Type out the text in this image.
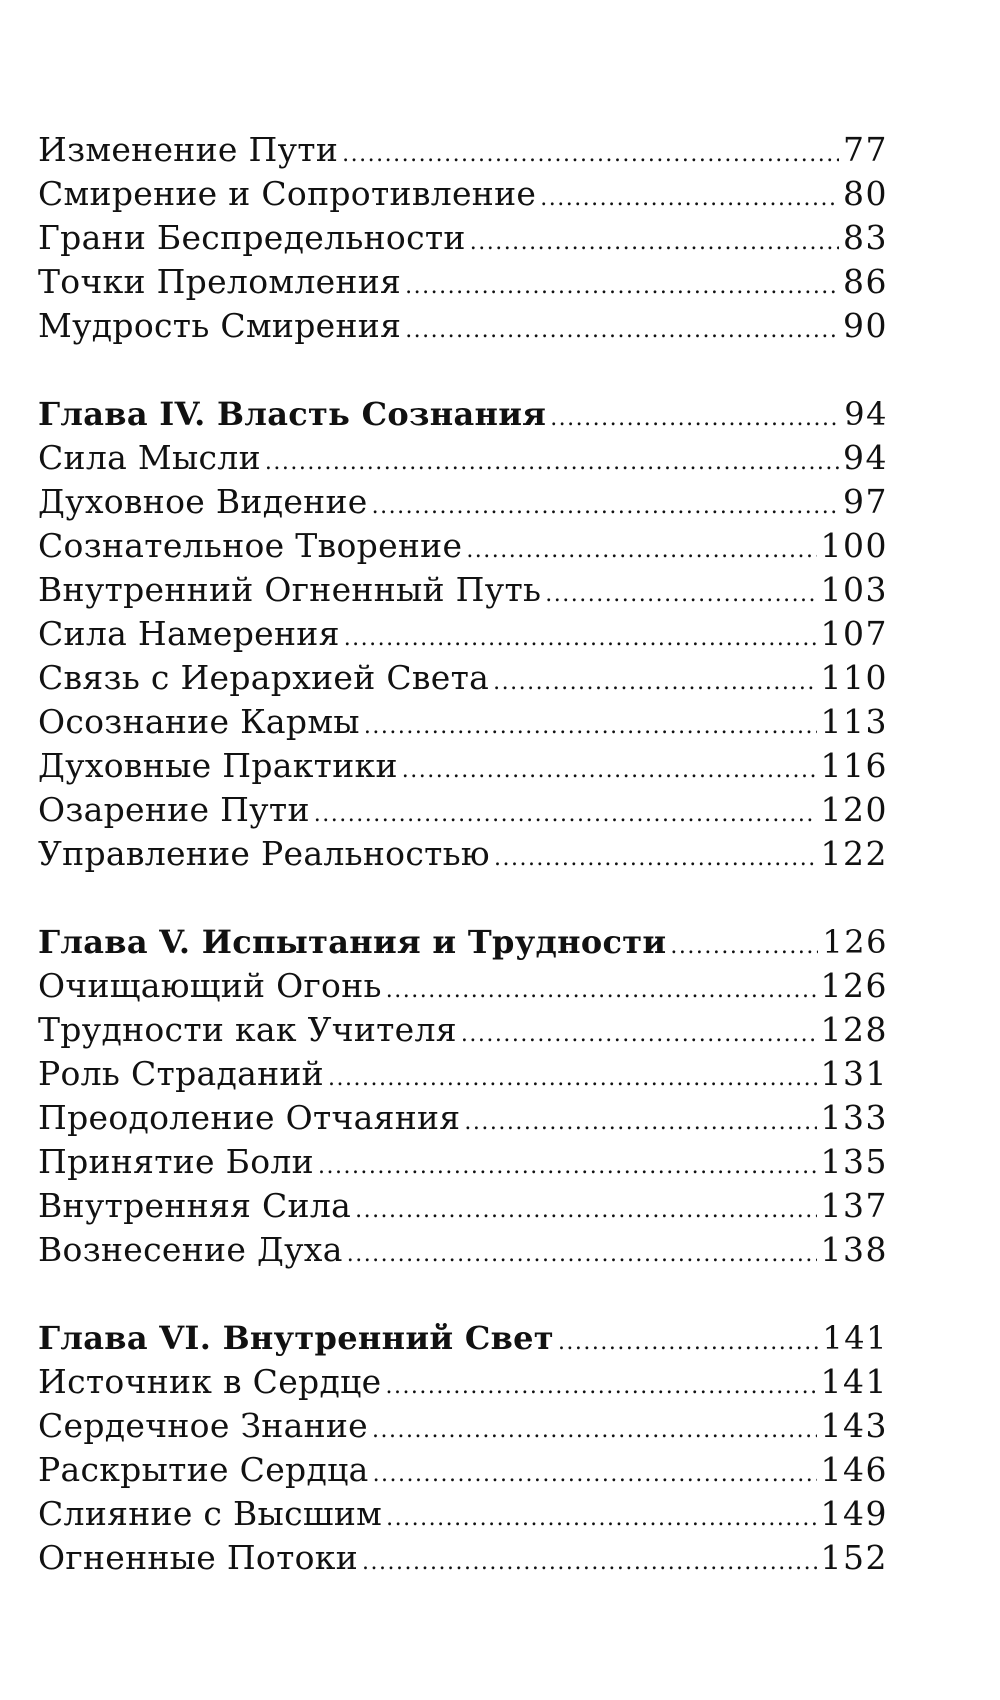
Изменение Пути .....	77
Смирение и Сопротивление .....	80
Грани Беспредельности .....	83
Точки Преломления .....	86
Мудрость Смирения .....	90
Глава IV. Власть Сознания .....	94
Сила Мысли .....	94
Духовное Видение .....	97
Сознательное Творение .....	100
Внутренний Огненный Путь .....	103
Сила Намерения .....	107
Связь с Иерархией Света .....	110
Осознание Кармы .....	113
Духовные Практики .....	116
Озарение Пути .....	120
Управление Реальностью .....	122
Глава V. Испытания и Трудности .....	126
Очищающий Огонь .....	126
Трудности как Учителя .....	128
Роль Страданий .....	131
Преодоление Отчаяния .....	133
Принятие Боли .....	135
Внутренняя Сила .....	137
Вознесение Духа .....	138
Глава VI. Внутренний Свет .....	141
Источник в Сердце .....	141
Сердечное Знание .....	143
Раскрытие Сердца .....	146
Слияние с Высшим .....	149
Огненные Потоки .....	152
